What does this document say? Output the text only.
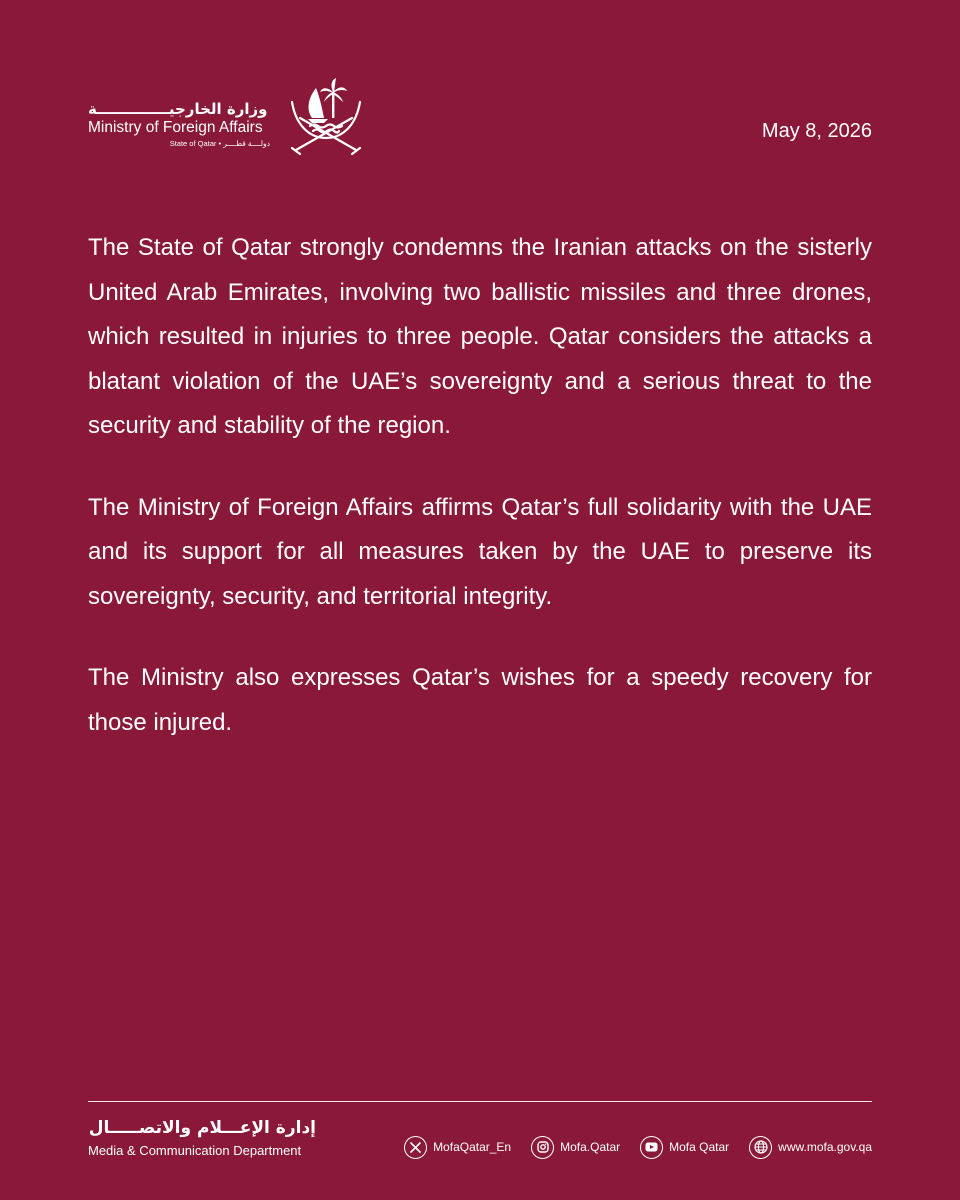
وزارة الخارجيــــــــــــــة
Ministry of Foreign Affairs
State of Qatar • دولــــة قطــــر
May 8, 2026

The State of Qatar strongly condemns the Iranian attacks on the sisterly United Arab Emirates, involving two ballistic missiles and three drones, which resulted in injuries to three people. Qatar considers the attacks a blatant violation of the UAE’s sovereignty and a serious threat to the security and stability of the region.

The Ministry of Foreign Affairs affirms Qatar’s full solidarity with the UAE and its support for all measures taken by the UAE to preserve its sovereignty, security, and territorial integrity.

The Ministry also expresses Qatar’s wishes for a speedy recovery for those injured.

إدارة الإعـــلام والاتصـــــال
Media & Communication Department	MofaQatar_En	Mofa.Qatar	Mofa Qatar	www.mofa.gov.qa
